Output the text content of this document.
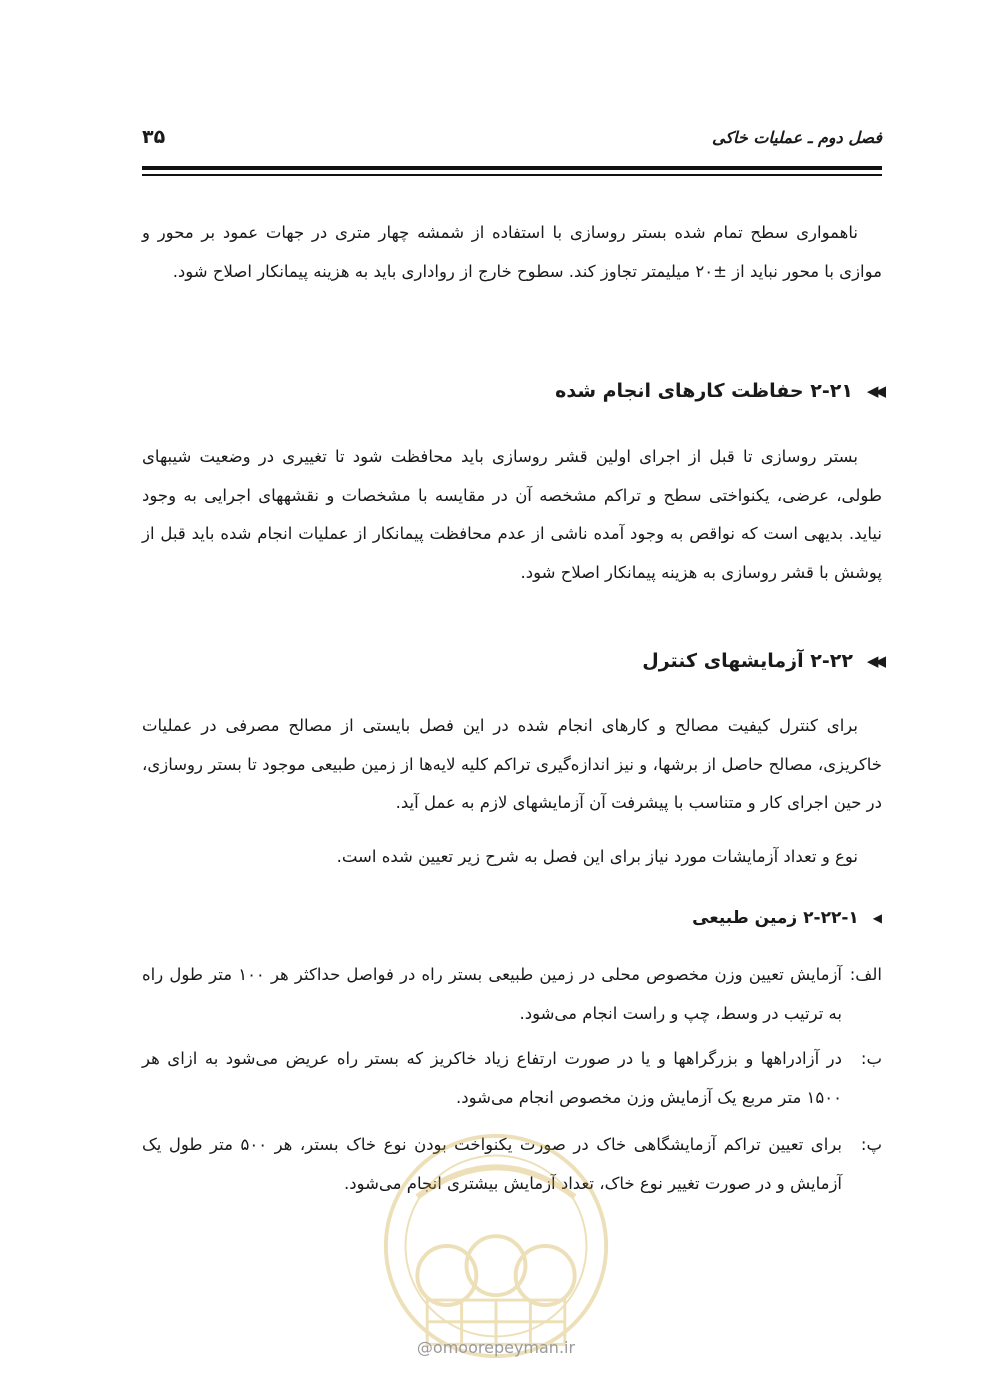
فصل دوم ـ عملیات خاکی
۳۵

ناهمواری سطح تمام شده بستر روسازی با استفاده از شمشه چهار متری در جهات عمود بر محور و موازی با محور نباید از ±۲۰ میلیمتر تجاوز کند. سطوح خارج از رواداری باید به هزینه پیمانکار اصلاح شود.

◀◀
۲-۲۱ حفاظت کارهای انجام شده

بستر روسازی تا قبل از اجرای اولین قشر روسازی باید محافظت شود تا تغییری در وضعیت شیبهای طولی، عرضی، یکنواختی سطح و تراکم مشخصه آن در مقایسه با مشخصات و نقشههای اجرایی به وجود نیاید. بدیهی است که نواقص به وجود آمده ناشی از عدم محافظت پیمانکار از عملیات انجام شده باید قبل از پوشش با قشر روسازی به هزینه پیمانکار اصلاح شود.

◀◀
۲-۲۲ آزمایشهای کنترل

برای کنترل کیفیت مصالح و کارهای انجام شده در این فصل بایستی از مصالح مصرفی در عملیات خاکریزی، مصالح حاصل از برشها، و نیز اندازه‌گیری تراکم کلیه لایه‌ها از زمین طبیعی موجود تا بستر روسازی، در حین اجرای کار و متناسب با پیشرفت آن آزمایشهای لازم به عمل آید.

نوع و تعداد آزمایشات مورد نیاز برای این فصل به شرح زیر تعیین شده است.

◀
۲-۲۲-۱ زمین طبیعی
الف:
آزمایش تعیین وزن مخصوص محلی در زمین طبیعی بستر راه در فواصل حداکثر هر ۱۰۰ متر طول راه به ترتیب در وسط، چپ و راست انجام می‌شود.
ب:
در آزادراهها و بزرگراهها و یا در صورت ارتفاع زیاد خاکریز که بستر راه عریض می‌شود به ازای هر ۱۵۰۰ متر مربع یک آزمایش وزن مخصوص انجام می‌شود.
پ:
برای تعیین تراکم آزمایشگاهی خاک در صورت یکنواخت بودن نوع خاک بستر، هر ۵۰۰ متر طول یک آزمایش و در صورت تغییر نوع خاک، تعداد آزمایش بیشتری انجام می‌شود.
@omoorepeyman.ir
